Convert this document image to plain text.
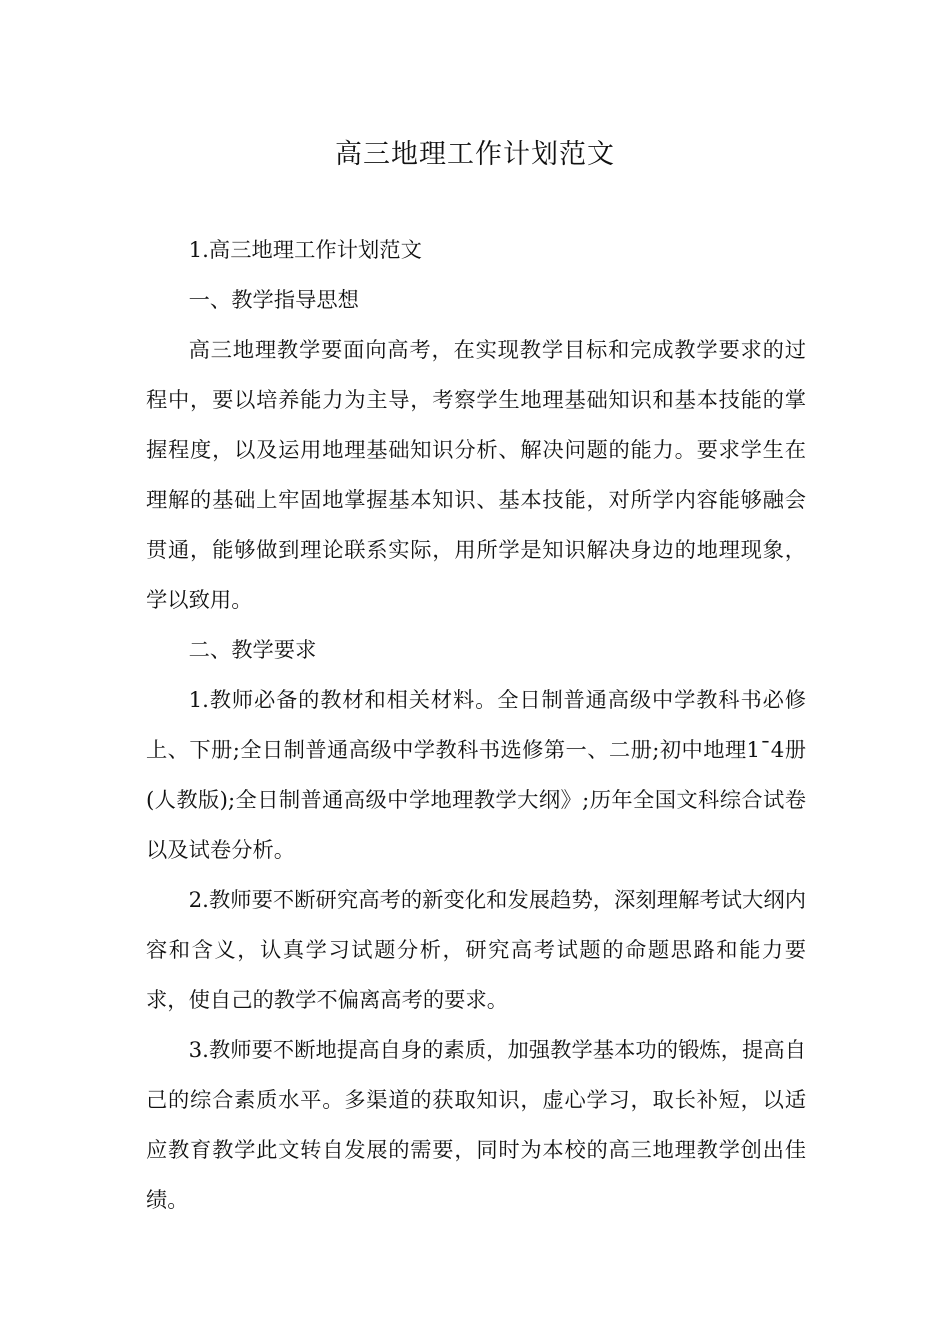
高三地理工作计划范文

1.高三地理工作计划范文

一、教学指导思想

高三地理教学要面向高考，在实现教学目标和完成教学要求的过程中，要以培养能力为主导，考察学生地理基础知识和基本技能的掌握程度，以及运用地理基础知识分析、解决问题的能力。要求学生在理解的基础上牢固地掌握基本知识、基本技能，对所学内容能够融会贯通，能够做到理论联系实际，用所学是知识解决身边的地理现象，学以致用。

二、教学要求

1.教师必备的教材和相关材料。全日制普通高级中学教科书必修上、下册;全日制普通高级中学教科书选修第一、二册;初中地理1¯4册(人教版);全日制普通高级中学地理教学大纲》;历年全国文科综合试卷以及试卷分析。

2.教师要不断研究高考的新变化和发展趋势，深刻理解考试大纲内容和含义，认真学习试题分析，研究高考试题的命题思路和能力要求，使自己的教学不偏离高考的要求。

3.教师要不断地提高自身的素质，加强教学基本功的锻炼，提高自己的综合素质水平。多渠道的获取知识，虚心学习，取长补短，以适应教育教学此文转自发展的需要，同时为本校的高三地理教学创出佳绩。
